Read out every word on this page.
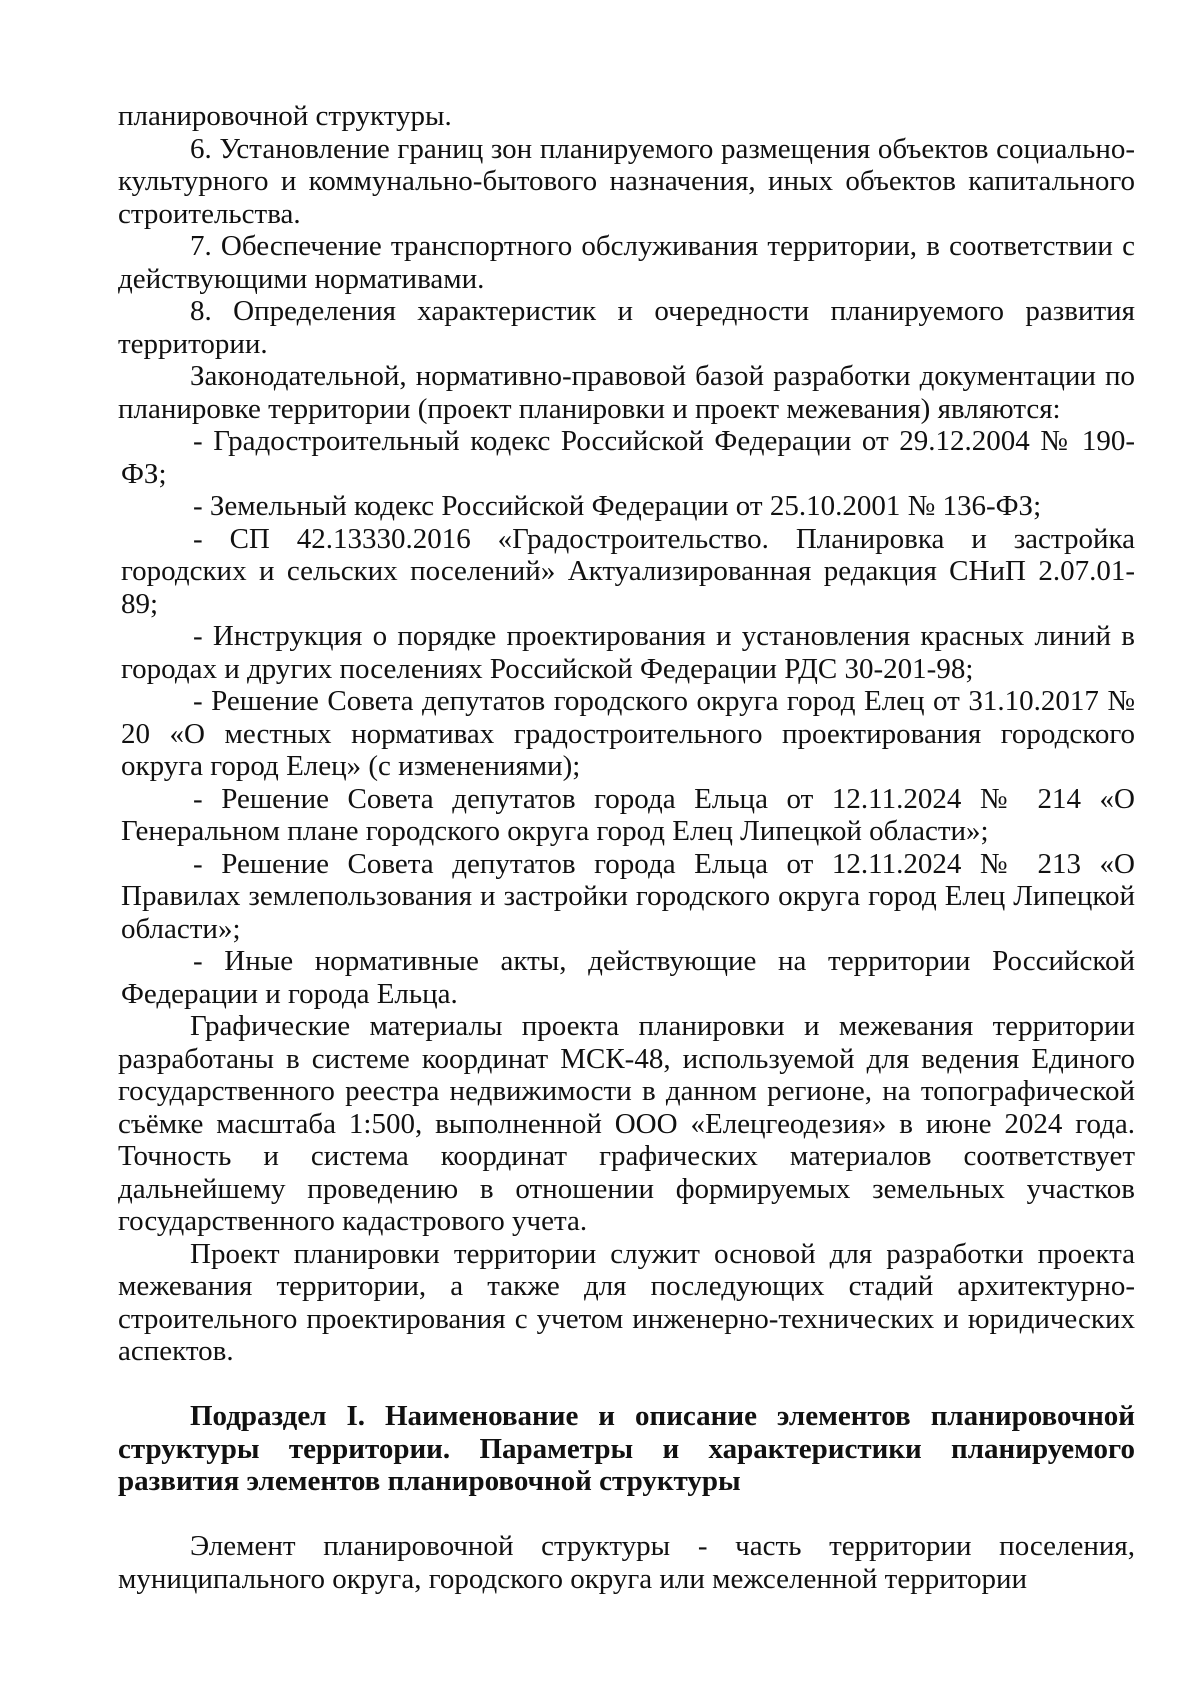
планировочной структуры.

6. Установление границ зон планируемого размещения объектов социально-культурного и коммунально-бытового назначения, иных объектов капитального строительства.

7. Обеспечение транспортного обслуживания территории, в соответствии с действующими нормативами.

8. Определения характеристик и очередности планируемого развития территории.

Законодательной, нормативно-правовой базой разработки документации по планировке территории (проект планировки и проект межевания) являются:

- Градостроительный кодекс Российской Федерации от 29.12.2004 № 190-ФЗ;

- Земельный кодекс Российской Федерации от 25.10.2001 № 136-ФЗ;

- СП 42.13330.2016 «Градостроительство. Планировка и застройка городских и сельских поселений» Актуализированная редакция СНиП 2.07.01-89;

- Инструкция о порядке проектирования и установления красных линий в городах и других поселениях Российской Федерации РДС 30-201-98;

- Решение Совета депутатов городского округа город Елец от 31.10.2017 № 20 «О местных нормативах градостроительного проектирования городского округа город Елец» (с изменениями);

- Решение Совета депутатов города Ельца от 12.11.2024 № 214 «О Генеральном плане городского округа город Елец Липецкой области»;

- Решение Совета депутатов города Ельца от 12.11.2024 № 213 «О Правилах землепользования и застройки городского округа город Елец Липецкой области»;

- Иные нормативные акты, действующие на территории Российской Федерации и города Ельца.

Графические материалы проекта планировки и межевания территории разработаны в системе координат МСК-48, используемой для ведения Единого государственного реестра недвижимости в данном регионе, на топографической съёмке масштаба 1:500, выполненной ООО «Елецгеодезия» в июне 2024 года. Точность и система координат графических материалов соответствует дальнейшему проведению в отношении формируемых земельных участков государственного кадастрового учета.

Проект планировки территории служит основой для разработки проекта межевания территории, а также для последующих стадий архитектурно-строительного проектирования с учетом инженерно-технических и юридических аспектов.

Подраздел I. Наименование и описание элементов планировочной структуры территории. Параметры и характеристики планируемого развития элементов планировочной структуры

Элемент планировочной структуры - часть территории поселения, муниципального округа, городского округа или межселенной территории
